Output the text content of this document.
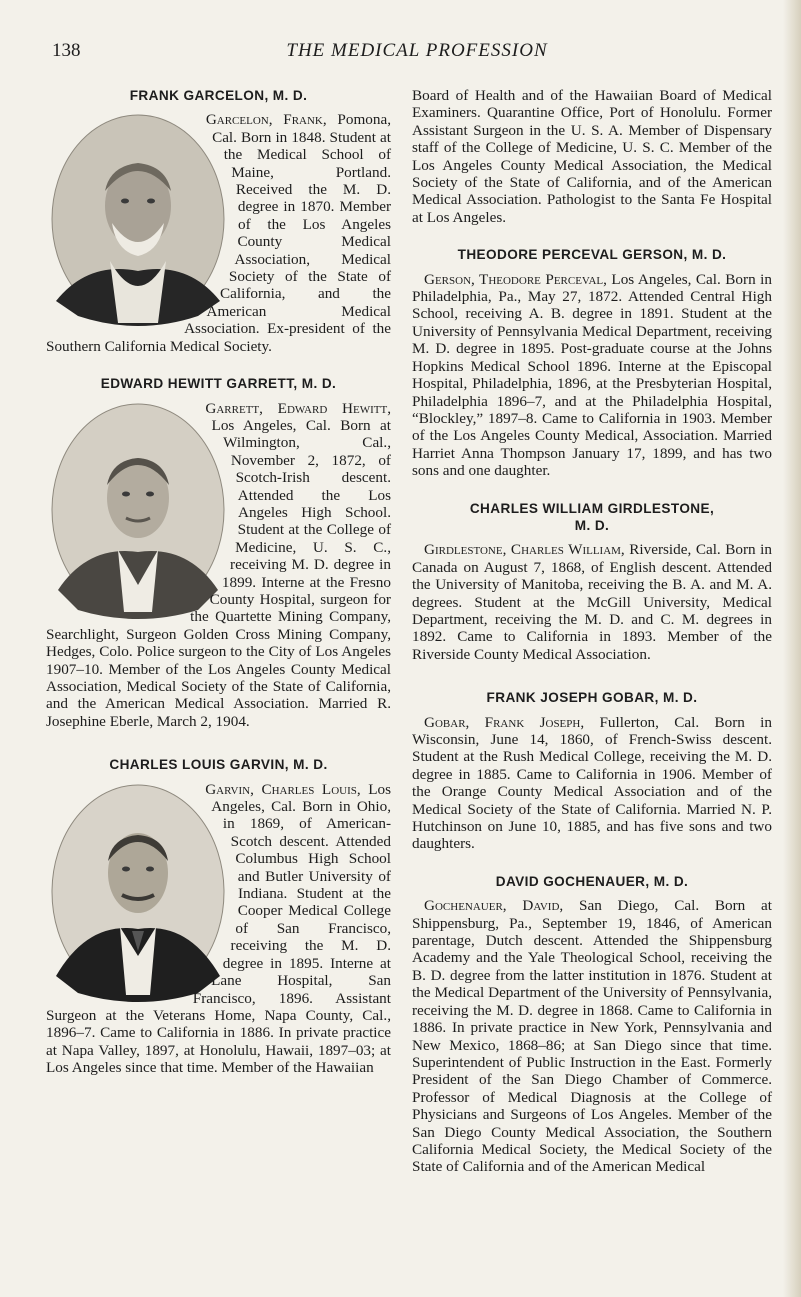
138	THE MEDICAL PROFESSION
FRANK GARCELON, M. D.

Garcelon, Frank, Pomona, Cal. Born in 1848. Student at the Medical School of Maine, Portland. Received the M. D. degree in 1870. Member of the Los Angeles County Medical Association, Medical Society of the State of California, and the American Medical Association. Ex-president of the Southern California Medical Society.

EDWARD HEWITT GARRETT, M. D.

Garrett, Edward Hewitt, Los Angeles, Cal. Born at Wilmington, Cal., November 2, 1872, of Scotch-Irish descent. Attended the Los Angeles High School. Student at the College of Medicine, U. S. C., receiving M. D. degree in 1899. Interne at the Fresno County Hospital, surgeon for the Quartette Mining Company, Searchlight, Surgeon Golden Cross Mining Company, Hedges, Colo. Police surgeon to the City of Los Angeles 1907–10. Member of the Los Angeles County Medical Association, Medical Society of the State of California, and the American Medical Association. Married R. Josephine Eberle, March 2, 1904.

CHARLES LOUIS GARVIN, M. D.

Garvin, Charles Louis, Los Angeles, Cal. Born in Ohio, in 1869, of American-Scotch descent. Attended Columbus High School and Butler University of Indiana. Student at the Cooper Medical College of San Francisco, receiving the M. D. degree in 1895. Interne at Lane Hospital, San Francisco, 1896. Assistant Surgeon at the Veterans Home, Napa County, Cal., 1896–7. Came to California in 1886. In private practice at Napa Valley, 1897, at Honolulu, Hawaii, 1897–03; at Los Angeles since that time. Member of the Hawaiian

Board of Health and of the Hawaiian Board of Medical Examiners. Quarantine Office, Port of Honolulu. Former Assistant Surgeon in the U. S. A. Member of Dispensary staff of the College of Medicine, U. S. C. Member of the Los Angeles County Medical Association, the Medical Society of the State of California, and of the American Medical Association. Pathologist to the Santa Fe Hospital at Los Angeles.

THEODORE PERCEVAL GERSON, M. D.

Gerson, Theodore Perceval, Los Angeles, Cal. Born in Philadelphia, Pa., May 27, 1872. Attended Central High School, receiving A. B. degree in 1891. Student at the University of Pennsylvania Medical Department, receiving M. D. degree in 1895. Post-graduate course at the Johns Hopkins Medical School 1896. Interne at the Episcopal Hospital, Philadelphia, 1896, at the Presbyterian Hospital, Philadelphia 1896–7, and at the Philadelphia Hospital, “Blockley,” 1897–8. Came to California in 1903. Member of the Los Angeles County Medical, Association. Married Harriet Anna Thompson January 17, 1899, and has two sons and one daughter.

CHARLES WILLIAM GIRDLESTONE,
M. D.

Girdlestone, Charles William, Riverside, Cal. Born in Canada on August 7, 1868, of English descent. Attended the University of Manitoba, receiving the B. A. and M. A. degrees. Student at the McGill University, Medical Department, receiving the M. D. and C. M. degrees in 1892. Came to California in 1893. Member of the Riverside County Medical Association.

FRANK JOSEPH GOBAR, M. D.

Gobar, Frank Joseph, Fullerton, Cal. Born in Wisconsin, June 14, 1860, of French-Swiss descent. Student at the Rush Medical College, receiving the M. D. degree in 1885. Came to California in 1906. Member of the Orange County Medical Association and of the Medical Society of the State of California. Married N. P. Hutchinson on June 10, 1885, and has five sons and two daughters.

DAVID GOCHENAUER, M. D.

Gochenauer, David, San Diego, Cal. Born at Shippensburg, Pa., September 19, 1846, of American parentage, Dutch descent. Attended the Shippensburg Academy and the Yale Theological School, receiving the B. D. degree from the latter institution in 1876. Student at the Medical Department of the University of Pennsylvania, receiving the M. D. degree in 1868. Came to California in 1886. In private practice in New York, Pennsylvania and New Mexico, 1868–86; at San Diego since that time. Superintendent of Public Instruction in the East. Formerly President of the San Diego Chamber of Commerce. Professor of Medical Diagnosis at the College of Physicians and Surgeons of Los Angeles. Member of the San Diego County Medical Association, the Southern California Medical Society, the Medical Society of the State of California and of the American Medical
